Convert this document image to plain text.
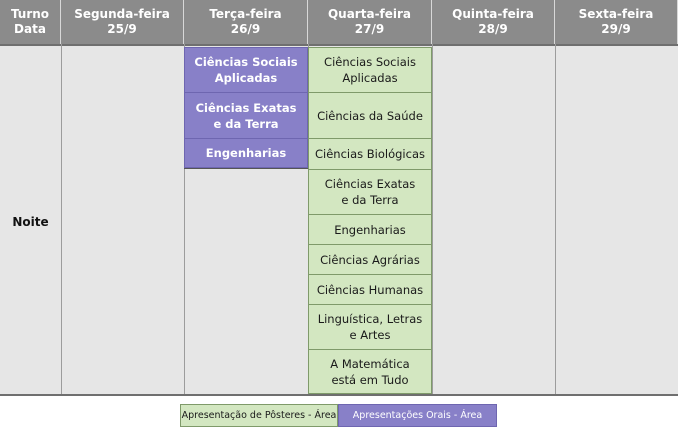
Turno
Data
Segunda-feira
25/9
Terça-feira
26/9
Quarta-feira
27/9
Quinta-feira
28/9
Sexta-feira
29/9
Noite
Ciências Sociais
Aplicadas
Ciências Exatas
e da Terra
Engenharias
Ciências Sociais
Aplicadas
Ciências da Saúde
Ciências Biológicas
Ciências Exatas
e da Terra
Engenharias
Ciências Agrárias
Ciências Humanas
Linguística, Letras
e Artes
A Matemática
está em Tudo
Apresentação de Pôsteres - Área	Apresentações Orais - Área
